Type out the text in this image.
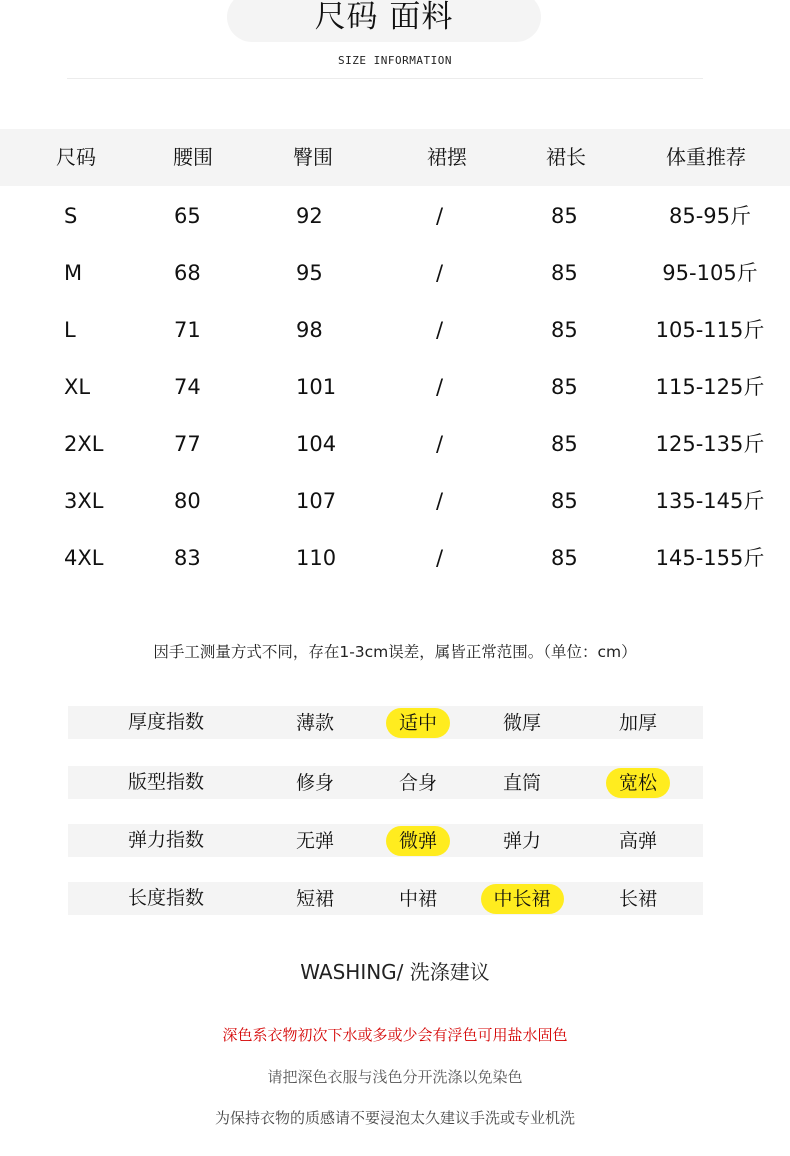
尺码 面料
SIZE INFORMATION
尺码	腰围	臀围	裙摆	裙长	体重推荐
S	65	92	/	85	85-95斤
M	68	95	/	85	95-105斤
L	71	98	/	85	105-115斤
XL	74	101	/	85	115-125斤
2XL	77	104	/	85	125-135斤
3XL	80	107	/	85	135-145斤
4XL	83	110	/	85	145-155斤
因手工测量方式不同，存在1-3cm误差，属皆正常范围。（单位：cm）
厚度指数	薄款	适中	微厚	加厚
版型指数	修身	合身	直筒	宽松
弹力指数	无弹	微弹	弹力	高弹
长度指数	短裙	中裙	中长裙	长裙
WASHING/ 洗涤建议
深色系衣物初次下水或多或少会有浮色可用盐水固色
请把深色衣服与浅色分开洗涤以免染色
为保持衣物的质感请不要浸泡太久建议手洗或专业机洗
